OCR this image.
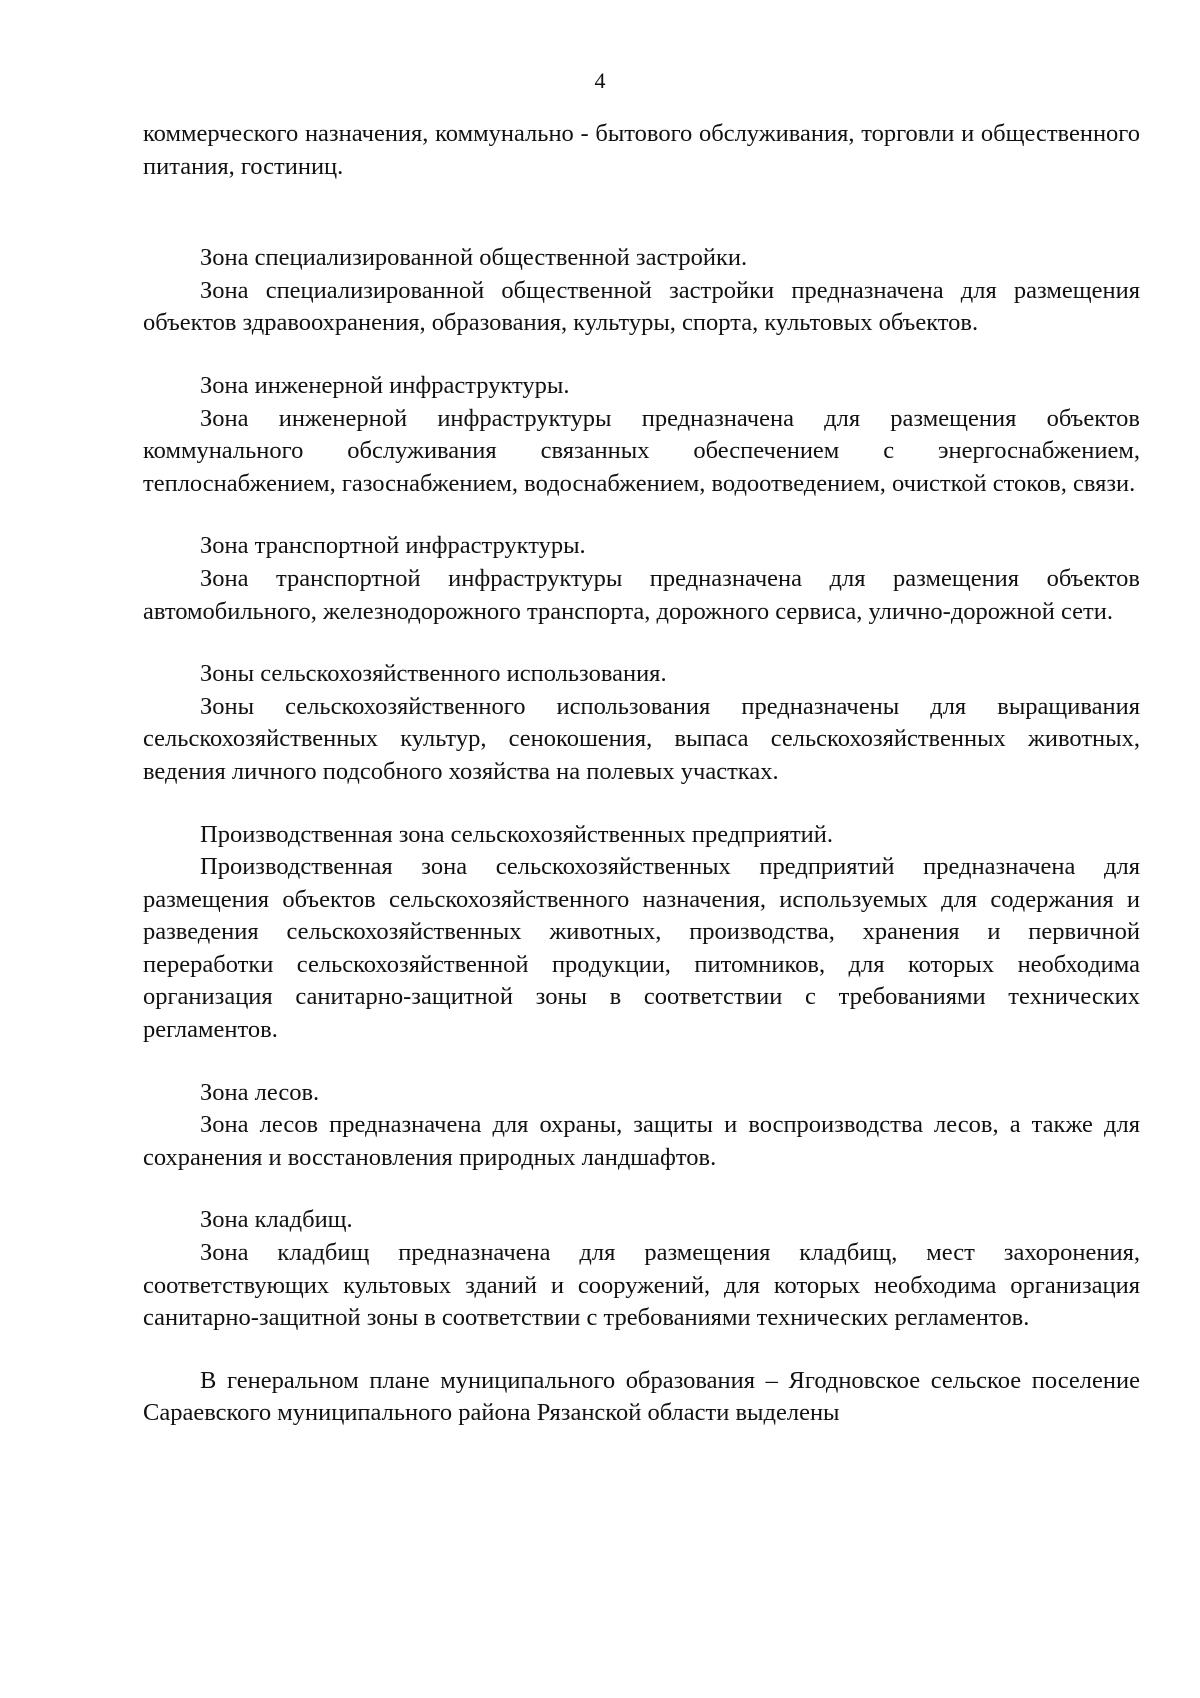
4

коммерческого назначения, коммунально - бытового обслуживания, торговли и общественного питания, гостиниц.

Зона специализированной общественной застройки.

Зона специализированной общественной застройки предназначена для размещения объектов здравоохранения, образования, культуры, спорта, культовых объектов.

Зона инженерной инфраструктуры.

Зона инженерной инфраструктуры предназначена для размещения объектов коммунального обслуживания связанных обеспечением с энергоснабжением, теплоснабжением, газоснабжением, водоснабжением, водоотведением, очисткой стоков, связи.

Зона транспортной инфраструктуры.

Зона транспортной инфраструктуры предназначена для размещения объектов автомобильного, железнодорожного транспорта, дорожного сервиса, улично-дорожной сети.

Зоны сельскохозяйственного использования.

Зоны сельскохозяйственного использования предназначены для выращивания сельскохозяйственных культур, сенокошения, выпаса сельскохозяйственных животных, ведения личного подсобного хозяйства на полевых участках.

Производственная зона сельскохозяйственных предприятий.

Производственная зона сельскохозяйственных предприятий предназначена для размещения объектов сельскохозяйственного назначения, используемых для содержания и разведения сельскохозяйственных животных, производства, хранения и первичной переработки сельскохозяйственной продукции, питомников, для которых необходима организация санитарно-защитной зоны в соответствии с требованиями технических регламентов.

Зона лесов.

Зона лесов предназначена для охраны, защиты и воспроизводства лесов, а также для сохранения и восстановления природных ландшафтов.

Зона кладбищ.

Зона кладбищ предназначена для размещения кладбищ, мест захоронения, соответствующих культовых зданий и сооружений, для которых необходима организация санитарно-защитной зоны в соответствии с требованиями технических регламентов.

В генеральном плане муниципального образования – Ягодновское сельское поселение Сараевского муниципального района Рязанской области выделены
